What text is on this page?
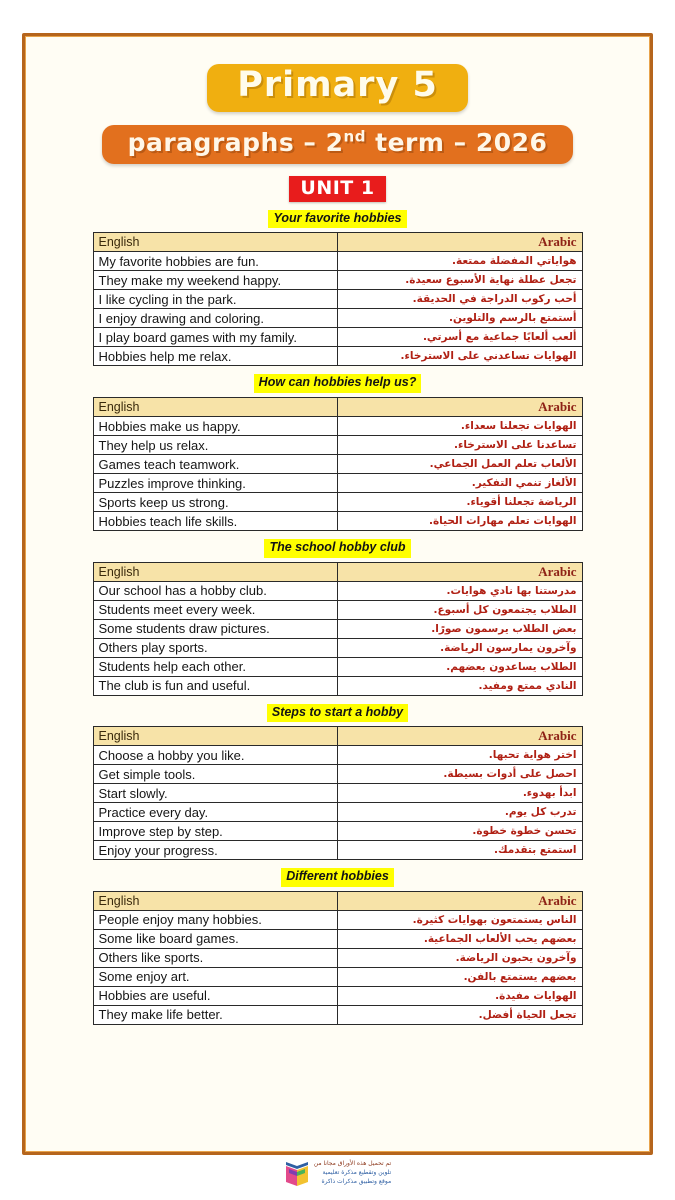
Primary 5
paragraphs – 2nd term – 2026
UNIT 1
Your favorite hobbies
English	Arabic
My favorite hobbies are fun.	هواياتي المفضلة ممتعة.
They make my weekend happy.	تجعل عطلة نهاية الأسبوع سعيدة.
I like cycling in the park.	أحب ركوب الدراجة في الحديقة.
I enjoy drawing and coloring.	أستمتع بالرسم والتلوين.
I play board games with my family.	ألعب ألعابًا جماعية مع أسرتي.
Hobbies help me relax.	الهوايات تساعدني على الاسترخاء.
How can hobbies help us?
English	Arabic
Hobbies make us happy.	الهوايات تجعلنا سعداء.
They help us relax.	تساعدنا على الاسترخاء.
Games teach teamwork.	الألعاب تعلم العمل الجماعي.
Puzzles improve thinking.	الألغاز تنمي التفكير.
Sports keep us strong.	الرياضة تجعلنا أقوياء.
Hobbies teach life skills.	الهوايات تعلم مهارات الحياة.
The school hobby club
English	Arabic
Our school has a hobby club.	مدرستنا بها نادي هوايات.
Students meet every week.	الطلاب يجتمعون كل أسبوع.
Some students draw pictures.	بعض الطلاب يرسمون صورًا.
Others play sports.	وآخرون يمارسون الرياضة.
Students help each other.	الطلاب يساعدون بعضهم.
The club is fun and useful.	النادي ممتع ومفيد.
Steps to start a hobby
English	Arabic
Choose a hobby you like.	اختر هواية تحبها.
Get simple tools.	احصل على أدوات بسيطة.
Start slowly.	ابدأ بهدوء.
Practice every day.	تدرب كل يوم.
Improve step by step.	تحسن خطوة خطوة.
Enjoy your progress.	استمتع بتقدمك.
Different hobbies
English	Arabic
People enjoy many hobbies.	الناس يستمتعون بهوايات كثيرة.
Some like board games.	بعضهم يحب الألعاب الجماعية.
Others like sports.	وآخرون يحبون الرياضة.
Some enjoy art.	بعضهم يستمتع بالفن.
Hobbies are useful.	الهوايات مفيدة.
They make life better.	تجعل الحياة أفضل.
تم تحميل هذه الأوراق مجانا من
تلوين وتقطيع مذكرة تعليمية
موقع وتطبيق مذكرات ذاكرة
